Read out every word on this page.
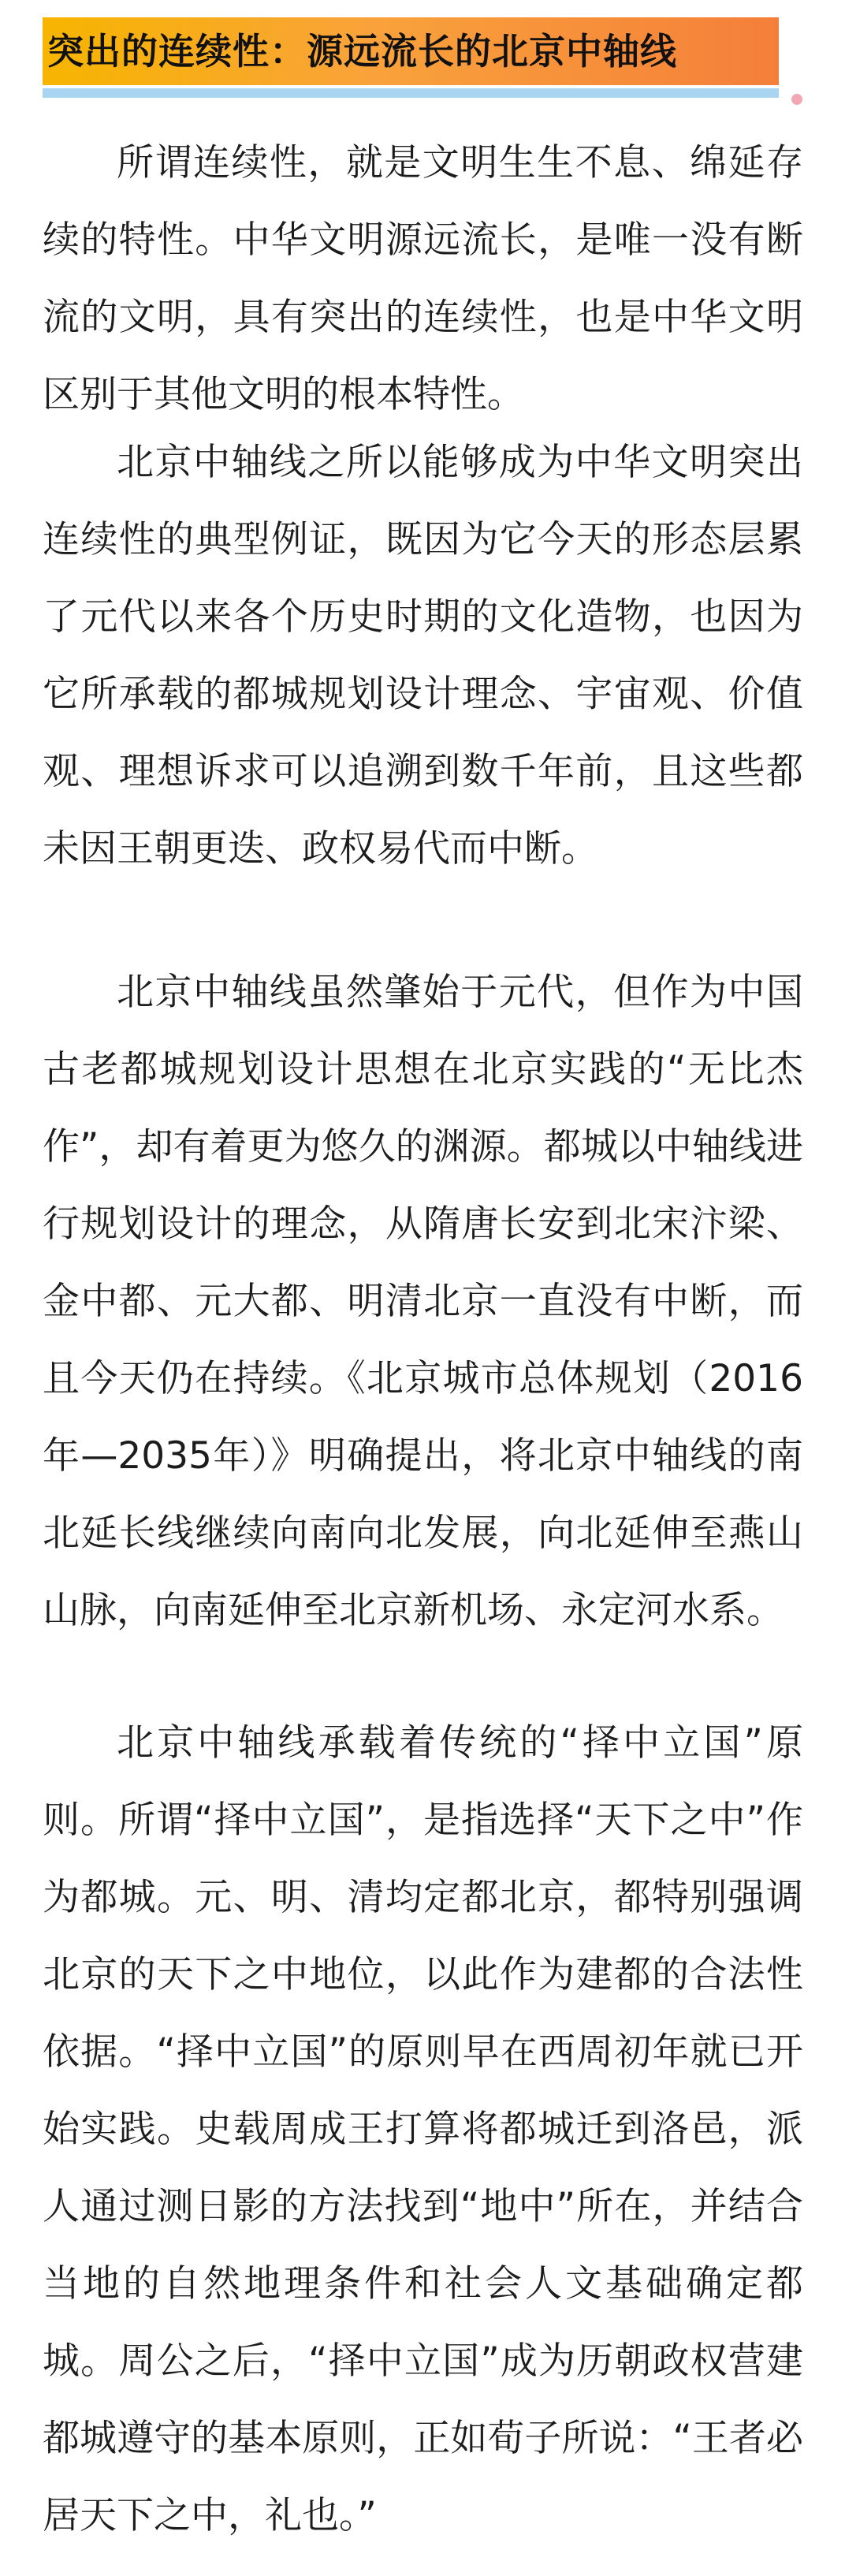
突出的连续性：源远流长的北京中轴线

所谓连续性，就是文明生生不息、绵延存续的特性。中华文明源远流长，是唯一没有断流的文明，具有突出的连续性，也是中华文明区别于其他文明的根本特性。

北京中轴线之所以能够成为中华文明突出连续性的典型例证，既因为它今天的形态层累了元代以来各个历史时期的文化造物，也因为它所承载的都城规划设计理念、宇宙观、价值观、理想诉求可以追溯到数千年前，且这些都未因王朝更迭、政权易代而中断。

北京中轴线虽然肇始于元代，但作为中国古老都城规划设计思想在北京实践的“无比杰作”，却有着更为悠久的渊源。都城以中轴线进行规划设计的理念，从隋唐长安到北宋汴梁、金中都、元大都、明清北京一直没有中断，而且今天仍在持续。《北京城市总体规划（2016年—2035年）》明确提出，将北京中轴线的南北延长线继续向南向北发展，向北延伸至燕山山脉，向南延伸至北京新机场、永定河水系。

北京中轴线承载着传统的“择中立国”原则。所谓“择中立国”，是指选择“天下之中”作为都城。元、明、清均定都北京，都特别强调北京的天下之中地位，以此作为建都的合法性依据。“择中立国”的原则早在西周初年就已开始实践。史载周成王打算将都城迁到洛邑，派人通过测日影的方法找到“地中”所在，并结合当地的自然地理条件和社会人文基础确定都城。周公之后，“择中立国”成为历朝政权营建都城遵守的基本原则，正如荀子所说：“王者必居天下之中，礼也。”
